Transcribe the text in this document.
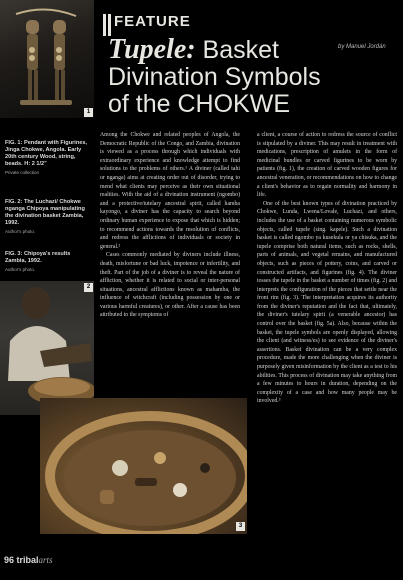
1
FEATURE
Tupele: Basket
Divination Symbols
of the CHOKWE
by Manuel Jordán
FIG. 1: Pendant with Figurines, Jinga Chokwe, Angola. Early 20th century Wood, string, beads. H: 2 1/2"
Private collection
FIG. 2: The Luchazi/ Chokwe nganga Chipoya manipulating the divination basket Zambia, 1992.
Author's photo.
FIG. 3: Chipoya's results Zambia, 1992.
Author's photo.
2
3

Among the Chokwe and related peoples of Angola, the Democratic Republic of the Congo, and Zambia, divination is viewed as a process through which individuals with extraordinary experience and knowledge attempt to find solutions to the problems of others.¹ A diviner (called tahi or nganga) aims at creating order out of disorder, trying to mend what clients may perceive as their own situational realities. With the aid of a divination instrument (ngombo) and a protective/tutelary ancestral spirit, called hamba kayongo, a diviner has the capacity to search beyond ordinary human experience to expose that which is hidden; to recommend actions towards the resolution of conflicts, and redress the afflictions of individuals or society in general.²

Cases commonly mediated by diviners include illness, death, misfortune or bad luck, impotence or infertility, and theft. Part of the job of a diviner is to reveal the nature of affliction, whether it is related to social or inter-personal situations, ancestral afflictions known as mahamba, the influence of witchcraft (including possession by one or various harmful creatures), or other. After a cause has been attributed to the symptoms of

a client, a course of action to redress the source of conflict is stipulated by a diviner. This may result in treatment with medications, prescription of amulets in the form of medicinal bundles or carved figurines to be worn by patients (fig. 1), the creation of carved wooden figures for ancestral veneration, or recommendations on how to change a client's behavior as to regain normality and harmony in life.

One of the best known types of divination practiced by Chokwe, Lunda, Lwena/Lovale, Luchazi, and others, includes the use of a basket containing numerous symbolic objects, called tupele (sing. kapele). Such a divination basket is called ngombo ya kusekula or ya chisuka, and the tupele comprise both natural items, such as rocks, shells, parts of animals, and vegetal remains, and manufactured objects, such as pieces of pottery, coins, and carved or constructed artifacts, and figurines (fig. 4). The diviner tosses the tupele in the basket a number of times (fig. 2) and interprets the configuration of the pieces that settle near the front rim (fig. 3). The interpretation acquires its authority from the diviner's reputation and the fact that, ultimately, the diviner's tutelary spirit (a venerable ancestor) has control over the basket (fig. 5a). Also, because within the basket, the tupele symbols are openly displayed, allowing the client (and witness/es) to see evidence of the diviner's assertions. Basket divination can be a very complex procedure, made the more challenging when the diviner is purposely given misinformation by the client as a test to his abilities. This process of divination may take anything from a few minutes to hours in duration, depending on the complexity of a case and how many people may be involved.³

96 tribalarts
